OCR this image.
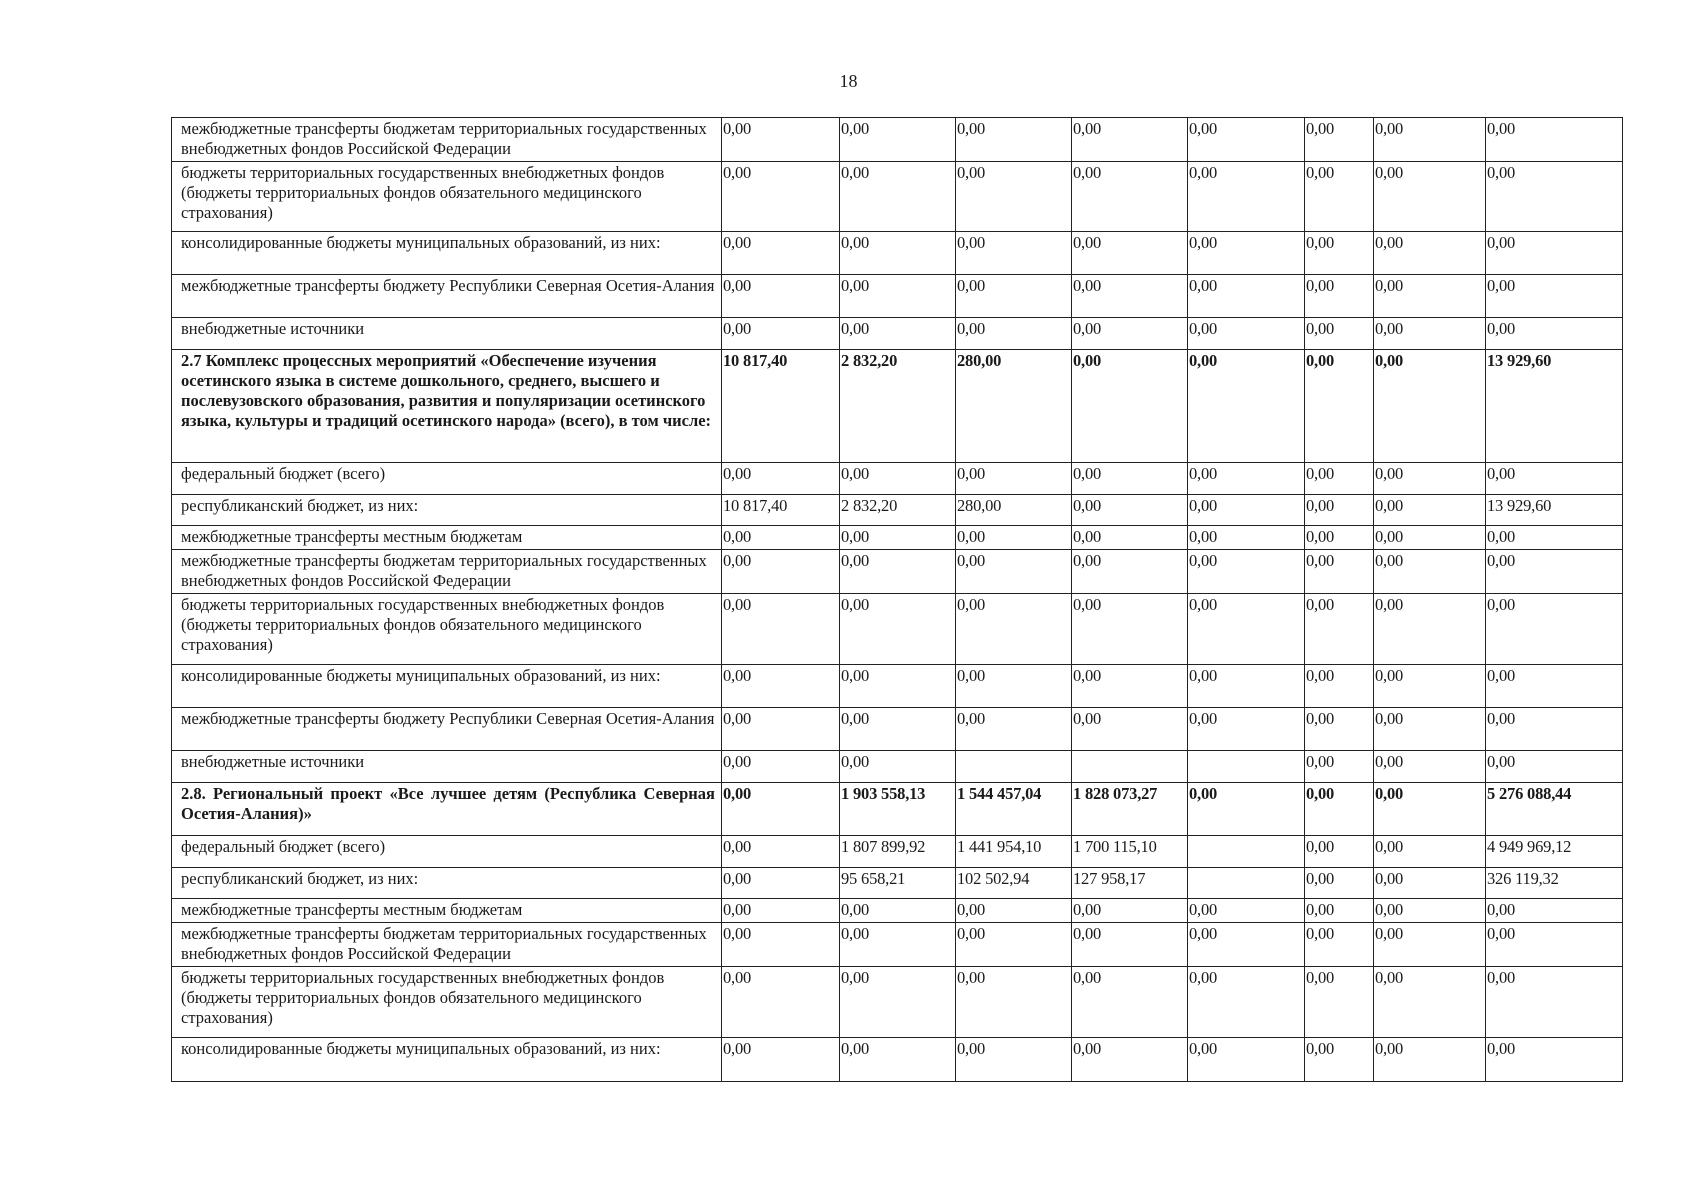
18
межбюджетные трансферты бюджетам территориальных государственных внебюджетных фондов Российской Федерации	0,00	0,00	0,00	0,00	0,00	0,00	0,00	0,00
бюджеты территориальных государственных внебюджетных фондов (бюджеты территориальных фондов обязательного медицинского страхования)	0,00	0,00	0,00	0,00	0,00	0,00	0,00	0,00
консолидированные бюджеты муниципальных образований, из них:	0,00	0,00	0,00	0,00	0,00	0,00	0,00	0,00
межбюджетные трансферты бюджету Республики Северная Осетия-Алания	0,00	0,00	0,00	0,00	0,00	0,00	0,00	0,00
внебюджетные источники	0,00	0,00	0,00	0,00	0,00	0,00	0,00	0,00
2.7 Комплекс процессных мероприятий «Обеспечение изучения осетинского языка в системе дошкольного, среднего, высшего и послевузовского образования, развития и популяризации осетинского языка, культуры и традиций осетинского народа» (всего), в том числе:	10 817,40	2 832,20	280,00	0,00	0,00	0,00	0,00	13 929,60
федеральный бюджет (всего)	0,00	0,00	0,00	0,00	0,00	0,00	0,00	0,00
республиканский бюджет, из них:	10 817,40	2 832,20	280,00	0,00	0,00	0,00	0,00	13 929,60
межбюджетные трансферты местным бюджетам	0,00	0,00	0,00	0,00	0,00	0,00	0,00	0,00
межбюджетные трансферты бюджетам территориальных государственных внебюджетных фондов Российской Федерации	0,00	0,00	0,00	0,00	0,00	0,00	0,00	0,00
бюджеты территориальных государственных внебюджетных фондов (бюджеты территориальных фондов обязательного медицинского страхования)	0,00	0,00	0,00	0,00	0,00	0,00	0,00	0,00
консолидированные бюджеты муниципальных образований, из них:	0,00	0,00	0,00	0,00	0,00	0,00	0,00	0,00
межбюджетные трансферты бюджету Республики Северная Осетия-Алания	0,00	0,00	0,00	0,00	0,00	0,00	0,00	0,00
внебюджетные источники	0,00	0,00				0,00	0,00	0,00
2.8. Региональный проект «Все лучшее детям (Республика Северная Осетия-Алания)»	0,00	1 903 558,13	1 544 457,04	1 828 073,27	0,00	0,00	0,00	5 276 088,44
федеральный бюджет (всего)	0,00	1 807 899,92	1 441 954,10	1 700 115,10		0,00	0,00	4 949 969,12
республиканский бюджет, из них:	0,00	95 658,21	102 502,94	127 958,17		0,00	0,00	326 119,32
межбюджетные трансферты местным бюджетам	0,00	0,00	0,00	0,00	0,00	0,00	0,00	0,00
межбюджетные трансферты бюджетам территориальных государственных внебюджетных фондов Российской Федерации	0,00	0,00	0,00	0,00	0,00	0,00	0,00	0,00
бюджеты территориальных государственных внебюджетных фондов (бюджеты территориальных фондов обязательного медицинского страхования)	0,00	0,00	0,00	0,00	0,00	0,00	0,00	0,00
консолидированные бюджеты муниципальных образований, из них:	0,00	0,00	0,00	0,00	0,00	0,00	0,00	0,00
